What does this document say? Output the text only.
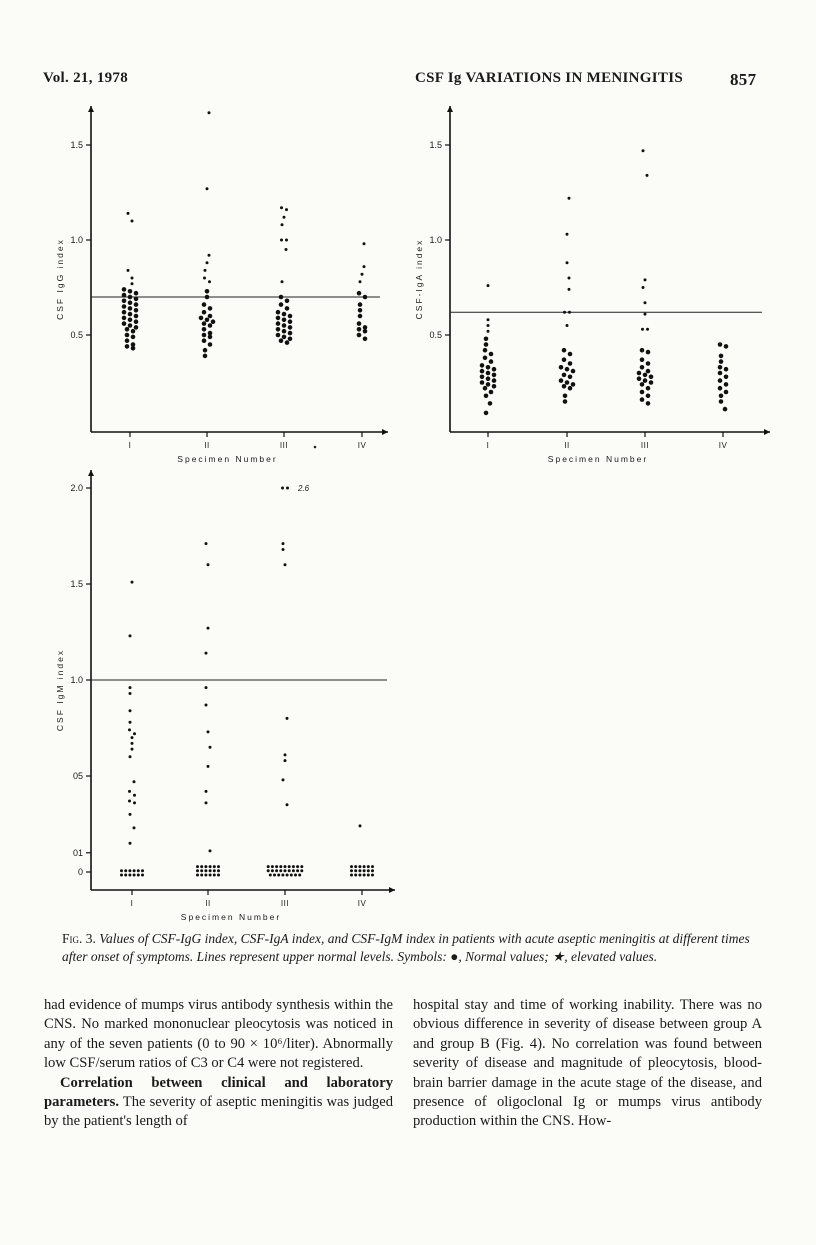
Vol. 21, 1978	CSF Ig VARIATIONS IN MENINGITIS	857
0.5
1.0
1.5
I	II	III	IV
Specimen Number
CSF IgG index
0.5
1.0
1.5
I	II	III	IV
Specimen Number
CSF-IgA index
0
01
05
1.0
1.5
2.0
I	II	III	IV
Specimen Number
CSF IgM index
2.6
Fig. 3. Values of CSF-IgG index, CSF-IgA index, and CSF-IgM index in patients with acute aseptic meningitis at different times after onset of symptoms. Lines represent upper normal levels. Symbols: ●, Normal values; ★, elevated values.

had evidence of mumps virus antibody synthesis within the CNS. No marked mononuclear pleocytosis was noticed in any of the seven patients (0 to 90 × 10⁶/liter). Abnormally low CSF/serum ratios of C3 or C4 were not registered.

Correlation between clinical and laboratory parameters. The severity of aseptic meningitis was judged by the patient's length of

hospital stay and time of working inability. There was no obvious difference in severity of disease between group A and group B (Fig. 4). No correlation was found between severity of disease and magnitude of pleocytosis, blood-brain barrier damage in the acute stage of the disease, and presence of oligoclonal Ig or mumps virus antibody production within the CNS. How-
